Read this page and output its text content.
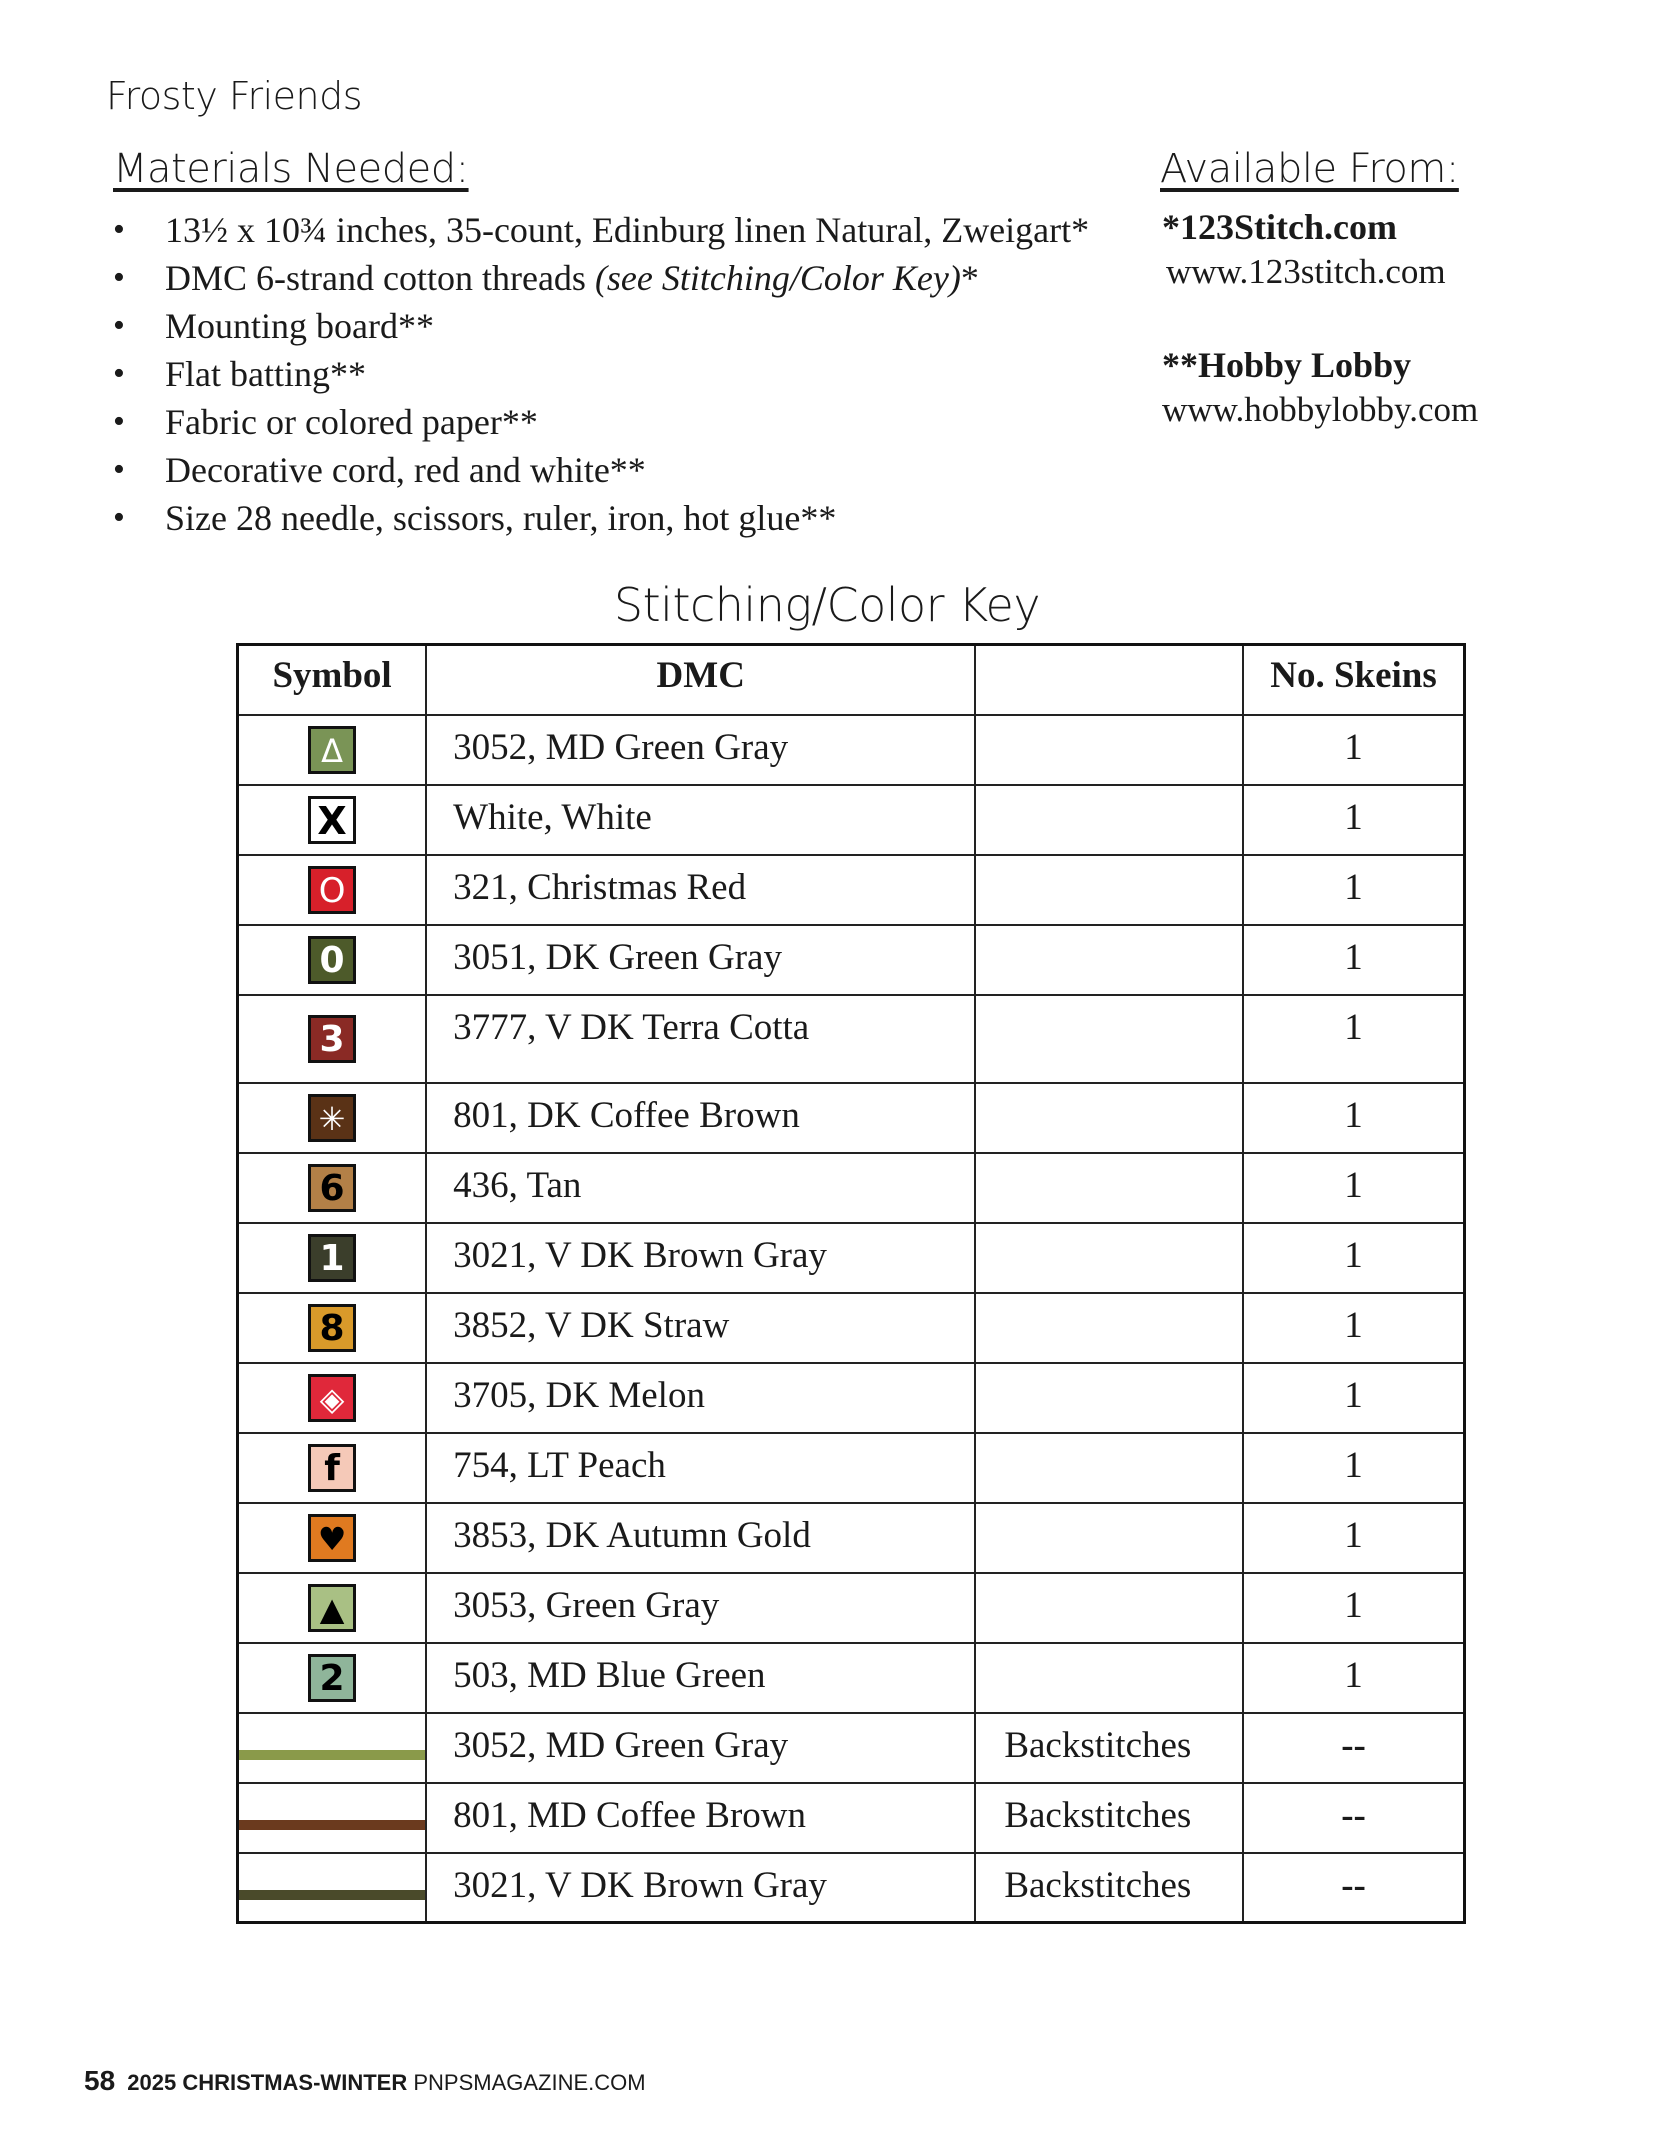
Frosty Friends
Materials Needed:
• 13½ x 10¾ inches, 35-count, Edinburg linen Natural, Zweigart*
• DMC 6-strand cotton threads (see Stitching/Color Key)*
• Mounting board**
• Flat batting**
• Fabric or colored paper**
• Decorative cord, red and white**
• Size 28 needle, scissors, ruler, iron, hot glue**
Available From:
*123Stitch.com
www.123stitch.com
**Hobby Lobby
www.hobbylobby.com
Stitching/Color Key
Symbol	DMC		No. Skeins

Δ	3052, MD Green Gray		1

X	White, White		1

O	321, Christmas Red		1

0	3051, DK Green Gray		1

3	3777, V DK Terra Cotta		1

✳	801, DK Coffee Brown		1

6	436, Tan		1

1	3021, V DK Brown Gray		1

8	3852, V DK Straw		1

◈	3705, DK Melon		1

f	754, LT Peach		1

♥	3853, DK Autumn Gold		1

▲	3053, Green Gray		1

2	503, MD Blue Green		1

	3052, MD Green Gray	Backstitches	--

	801, MD Coffee Brown	Backstitches	--

	3021, V DK Brown Gray	Backstitches	--
58 2025 CHRISTMAS-WINTER PNPSMAGAZINE.COM
